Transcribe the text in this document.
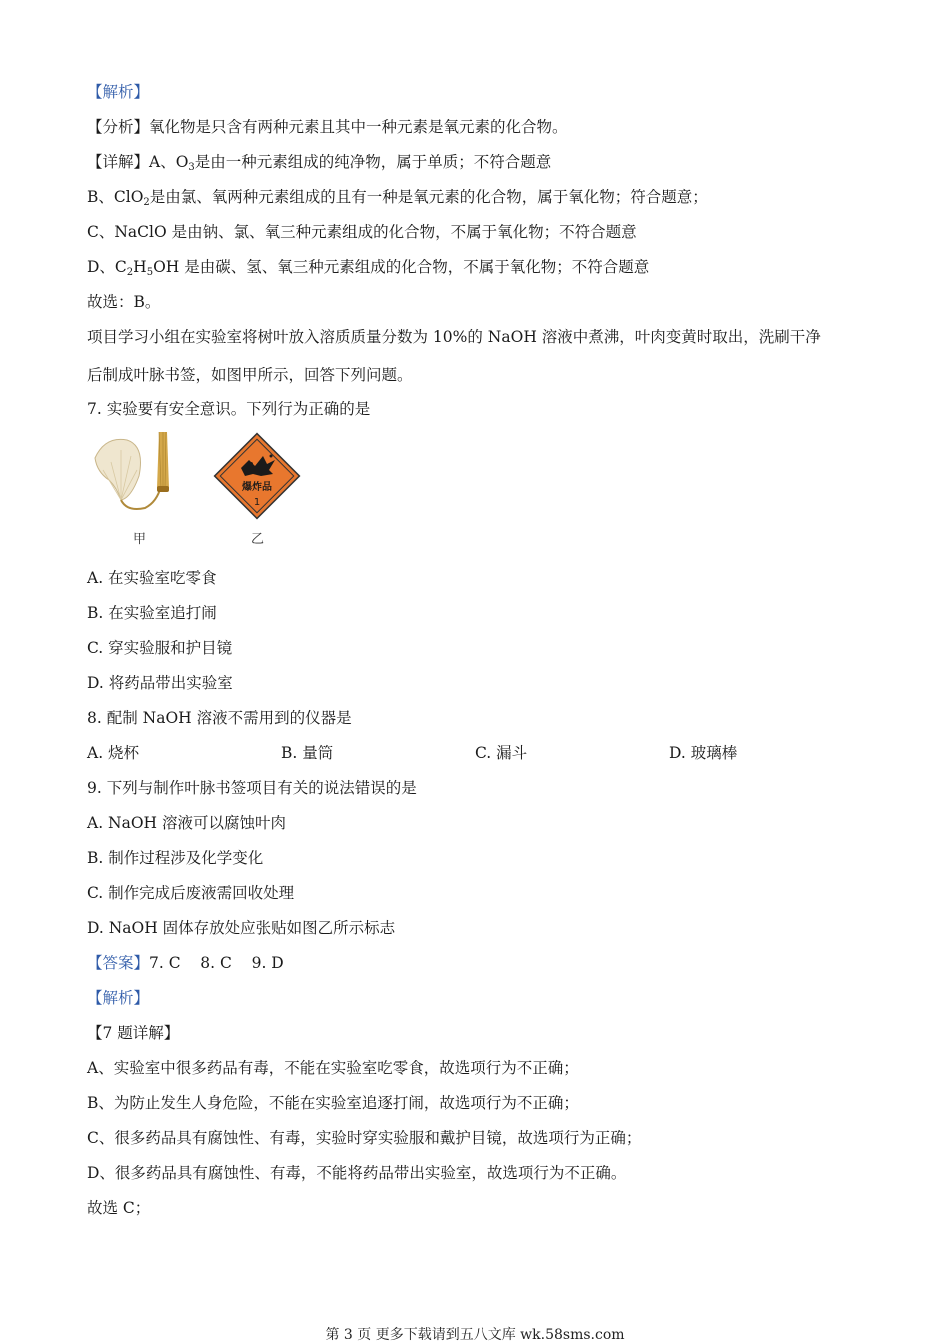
【解析】
【分析】氧化物是只含有两种元素且其中一种元素是氧元素的化合物。
【详解】A、$O_3$是由一种元素组成的纯净物，属于单质；不符合题意
B、ClO$_2$是由氯、氧两种元素组成的且有一种是氧元素的化合物，属于氧化物；符合题意；
C、NaClO 是由钠、氯、氧三种元素组成的化合物，不属于氧化物；不符合题意
D、$C_2H_5OH$ 是由碳、氢、氧三种元素组成的化合物，不属于氧化物；不符合题意
故选：B。
项目学习小组在实验室将树叶放入溶质质量分数为 10%的 NaOH 溶液中煮沸，叶肉变黄时取出，洗刷干净
后制成叶脉书签，如图甲所示，回答下列问题。
7. 实验要有安全意识。下列行为正确的是
甲
爆炸品
1
乙
A. 在实验室吃零食
B. 在实验室追打闹
C. 穿实验服和护目镜
D. 将药品带出实验室
8. 配制 NaOH 溶液不需用到的仪器是
A. 烧杯	B. 量筒	C. 漏斗	D. 玻璃棒
9. 下列与制作叶脉书签项目有关的说法错误的是
A. NaOH 溶液可以腐蚀叶肉
B. 制作过程涉及化学变化
C. 制作完成后废液需回收处理
D. NaOH 固体存放处应张贴如图乙所示标志
【答案】7. C    8. C    9. D
【解析】
【7 题详解】
A、实验室中很多药品有毒，不能在实验室吃零食，故选项行为不正确；
B、为防止发生人身危险，不能在实验室追逐打闹，故选项行为不正确；
C、很多药品具有腐蚀性、有毒，实验时穿实验服和戴护目镜，故选项行为正确；
D、很多药品具有腐蚀性、有毒，不能将药品带出实验室，故选项行为不正确。
故选 C；
第 3 页 更多下载请到五八文库 wk.58sms.com
